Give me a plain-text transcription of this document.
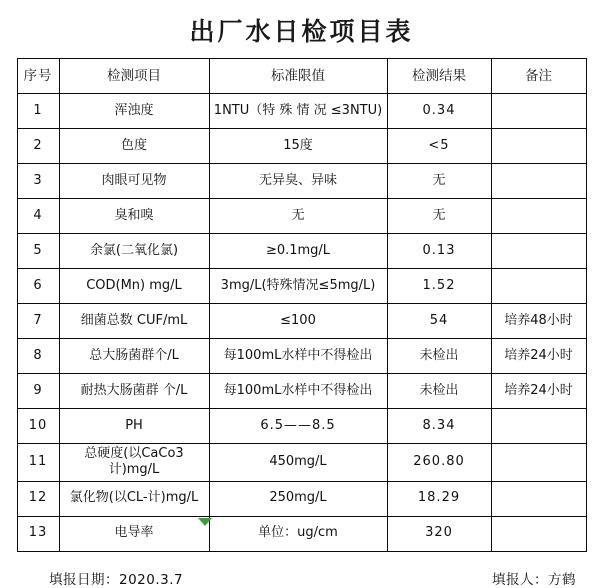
出厂水日检项目表
序号	检测项目	标准限值	检测结果	备注
1	浑浊度	1NTU（特 殊 情 况 ≤3NTU)	0.34	
2	色度	15度	<5	
3	肉眼可见物	无异臭、异味	无	
4	臭和嗅	无	无	
5	余氯(二氧化氯)	≥0.1mg/L	0.13	
6	COD(Mn) mg/L	3mg/L(特殊情况≤5mg/L)	1.52	
7	细菌总数 CUF/mL	≤100	54	培养48小时
8	总大肠菌群个/L	每100mL水样中不得检出	未检出	培养24小时
9	耐热大肠菌群 个/L	每100mL水样中不得检出	未检出	培养24小时
10	PH	6.5——8.5	8.34	
11	总硬度(以CaCo3计)mg/L	450mg/L	260.80	
12	氯化物(以CL-计)mg/L	250mg/L	18.29	
13	电导率	单位：ug/cm	320	
填报日期：2020.3.7	填报人：方鹤
